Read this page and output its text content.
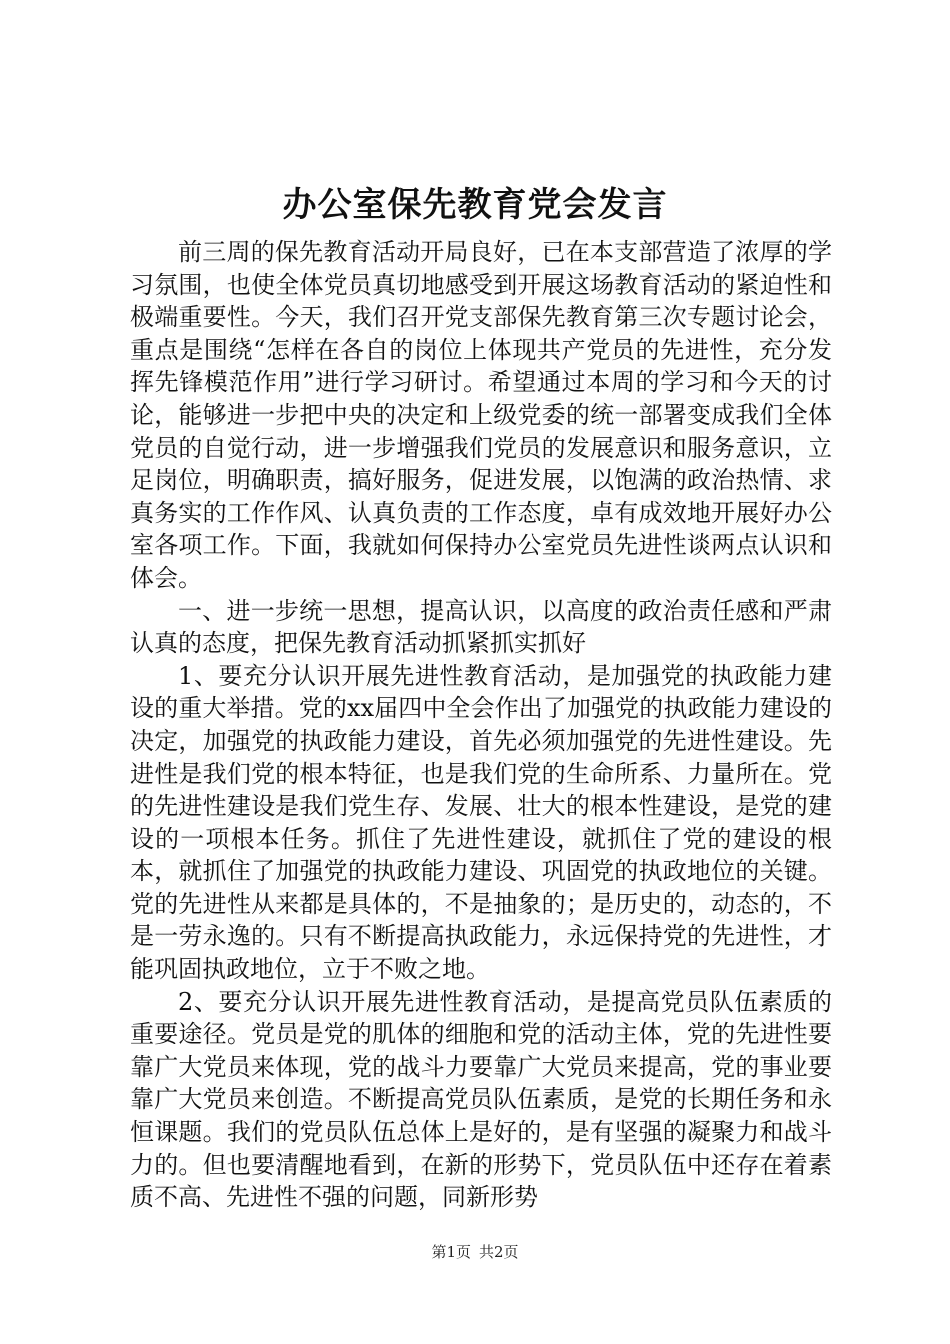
办公室保先教育党会发言

前三周的保先教育活动开局良好，已在本支部营造了浓厚的学习氛围，也使全体党员真切地感受到开展这场教育活动的紧迫性和极端重要性。今天，我们召开党支部保先教育第三次专题讨论会，重点是围绕“怎样在各自的岗位上体现共产党员的先进性，充分发挥先锋模范作用”进行学习研讨。希望通过本周的学习和今天的讨论，能够进一步把中央的决定和上级党委的统一部署变成我们全体党员的自觉行动，进一步增强我们党员的发展意识和服务意识，立足岗位，明确职责，搞好服务，促进发展，以饱满的政治热情、求真务实的工作作风、认真负责的工作态度，卓有成效地开展好办公室各项工作。下面，我就如何保持办公室党员先进性谈两点认识和体会。

一、进一步统一思想，提高认识，以高度的政治责任感和严肃认真的态度，把保先教育活动抓紧抓实抓好

1、要充分认识开展先进性教育活动，是加强党的执政能力建设的重大举措。党的xx届四中全会作出了加强党的执政能力建设的决定，加强党的执政能力建设，首先必须加强党的先进性建设。先进性是我们党的根本特征，也是我们党的生命所系、力量所在。党的先进性建设是我们党生存、发展、壮大的根本性建设，是党的建设的一项根本任务。抓住了先进性建设，就抓住了党的建设的根本，就抓住了加强党的执政能力建设、巩固党的执政地位的关键。党的先进性从来都是具体的，不是抽象的；是历史的，动态的，不是一劳永逸的。只有不断提高执政能力，永远保持党的先进性，才能巩固执政地位，立于不败之地。

2、要充分认识开展先进性教育活动，是提高党员队伍素质的重要途径。党员是党的肌体的细胞和党的活动主体，党的先进性要靠广大党员来体现，党的战斗力要靠广大党员来提高，党的事业要靠广大党员来创造。不断提高党员队伍素质，是党的长期任务和永恒课题。我们的党员队伍总体上是好的，是有坚强的凝聚力和战斗力的。但也要清醒地看到，在新的形势下，党员队伍中还存在着素质不高、先进性不强的问题，同新形势

第1页 共2页
